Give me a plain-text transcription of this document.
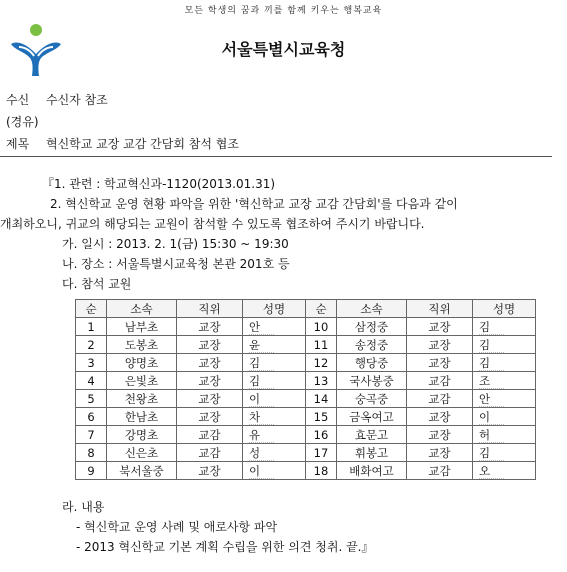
모든 학생의 꿈과 끼를 함께 키우는 행복교육
서울특별시교육청
수신 수신자 참조
(경유)
제목 혁신학교 교장 교감 간담회 참석 협조
『1. 관련 : 학교혁신과-1120(2013.01.31)
2. 혁신학교 운영 현황 파악을 위한 '혁신학교 교장 교감 간담회'를 다음과 같이
개최하오니, 귀교의 해당되는 교원이 참석할 수 있도록 협조하여 주시기 바랍니다.
가. 일시 : 2013. 2. 1(금) 15:30 ~ 19:30
나. 장소 : 서울특별시교육청 본관 201호 등
다. 참석 교원
순	소속	직위	성명	순	소속	직위	성명
1	남부초	교장	안	10	삼정중	교장	김
2	도봉초	교장	윤	11	송정중	교장	김
3	양명초	교장	김	12	행당중	교장	김
4	은빛초	교장	김	13	국사봉중	교감	조
5	천왕초	교장	이	14	숭곡중	교감	안
6	한남초	교장	차	15	금옥여고	교장	이
7	강명초	교감	유	16	효문고	교장	허
8	신은초	교감	성	17	휘봉고	교장	김
9	북서울중	교장	이	18	배화여고	교감	오
라. 내용
- 혁신학교 운영 사례 및 애로사항 파악
- 2013 혁신학교 기본 계획 수립을 위한 의견 청취. 끝.』
